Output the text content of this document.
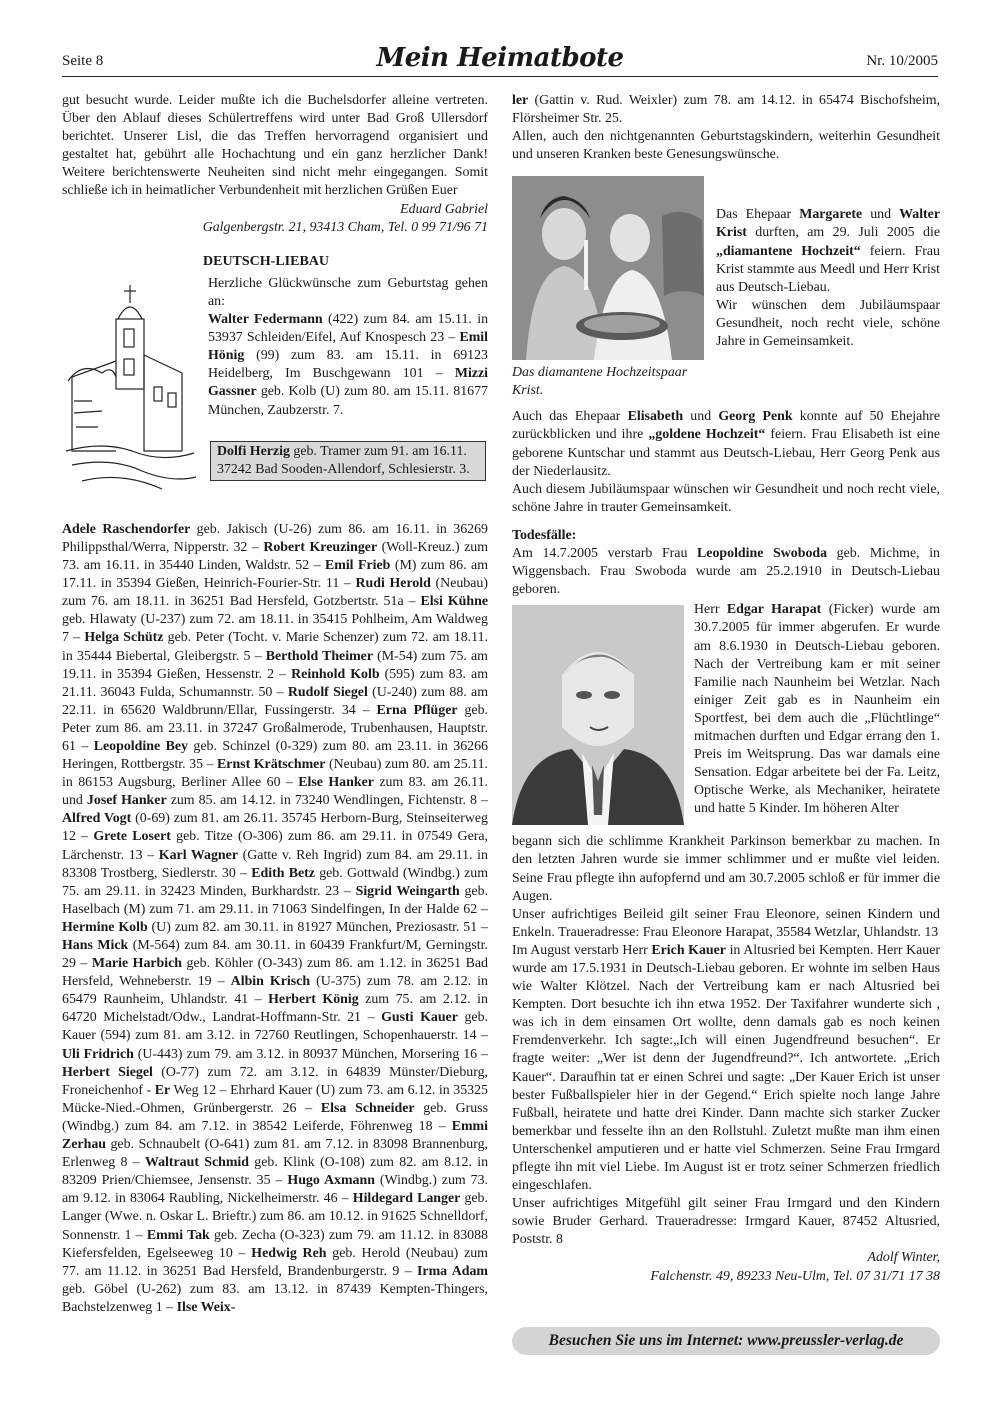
Seite 8	Mein Heimatbote	Nr. 10/2005

gut besucht wurde. Leider mußte ich die Buchelsdorfer alleine vertreten. Über den Ablauf dieses Schülertreffens wird unter Bad Groß Ullersdorf berichtet. Unserer Lisl, die das Treffen hervorragend organisiert und gestaltet hat, gebührt alle Hochachtung und ein ganz herzlicher Dank! Weitere berichtenswerte Neuheiten sind nicht mehr eingegangen. Somit schließe ich in heimatlicher Verbundenheit mit herzlichen Grüßen Euer

Eduard Gabriel

Galgenbergstr. 21, 93413 Cham, Tel. 0 99 71/96 71

DEUTSCH-LIEBAU

Herzliche Glückwünsche zum Geburtstag gehen an:

Walter Federmann (422) zum 84. am 15.11. in 53937 Schleiden/Eifel, Auf Knospesch 23 – Emil Hönig (99) zum 83. am 15.11. in 69123 Heidelberg, Im Buschgewann 101 – Mizzi Gassner geb. Kolb (U) zum 80. am 15.11. 81677 München, Zaubzerstr. 7.

Dolfi Herzig geb. Tramer zum 91. am 16.11. 37242 Bad Sooden-Allendorf, Schlesierstr. 3.

Adele Raschendorfer geb. Jakisch (U-26) zum 86. am 16.11. in 36269 Philippsthal/Werra, Nipperstr. 32 – Robert Kreuzinger (Woll-Kreuz.) zum 73. am 16.11. in 35440 Linden, Waldstr. 52 – Emil Frieb (M) zum 86. am 17.11. in 35394 Gießen, Heinrich-Fourier-Str. 11 – Rudi Herold (Neubau) zum 76. am 18.11. in 36251 Bad Hersfeld, Gotzbertstr. 51a – Elsi Kühne geb. Hlawaty (U-237) zum 72. am 18.11. in 35415 Pohlheim, Am Waldweg 7 – Helga Schütz geb. Peter (Tocht. v. Marie Schenzer) zum 72. am 18.11. in 35444 Biebertal, Gleibergstr. 5 – Berthold Theimer (M-54) zum 75. am 19.11. in 35394 Gießen, Hessenstr. 2 – Reinhold Kolb (595) zum 83. am 21.11. 36043 Fulda, Schumannstr. 50 – Rudolf Siegel (U-240) zum 88. am 22.11. in 65620 Waldbrunn/Ellar, Fussingerstr. 34 – Erna Pflüger geb. Peter zum 86. am 23.11. in 37247 Großalmerode, Trubenhausen, Hauptstr. 61 – Leopoldine Bey geb. Schinzel (0-329) zum 80. am 23.11. in 36266 Heringen, Rottbergstr. 35 – Ernst Krätschmer (Neubau) zum 80. am 25.11. in 86153 Augsburg, Berliner Allee 60 – Else Hanker zum 83. am 26.11. und Josef Hanker zum 85. am 14.12. in 73240 Wendlingen, Fichtenstr. 8 – Alfred Vogt (0-69) zum 81. am 26.11. 35745 Herborn-Burg, Steinseiterweg 12 – Grete Losert geb. Titze (O-306) zum 86. am 29.11. in 07549 Gera, Lärchenstr. 13 – Karl Wagner (Gatte v. Reh Ingrid) zum 84. am 29.11. in 83308 Trostberg, Siedlerstr. 30 – Edith Betz geb. Gottwald (Windbg.) zum 75. am 29.11. in 32423 Minden, Burkhardstr. 23 – Sigrid Weingarth geb. Haselbach (M) zum 71. am 29.11. in 71063 Sindelfingen, In der Halde 62 – Hermine Kolb (U) zum 82. am 30.11. in 81927 München, Preziosastr. 51 – Hans Mick (M-564) zum 84. am 30.11. in 60439 Frankfurt/M, Gerningstr. 29 – Marie Harbich geb. Köhler (O-343) zum 86. am 1.12. in 36251 Bad Hersfeld, Wehneberstr. 19 – Albin Krisch (U-375) zum 78. am 2.12. in 65479 Raunheim, Uhlandstr. 41 – Herbert König zum 75. am 2.12. in 64720 Michelstadt/Odw., Landrat-Hoffmann-Str. 21 – Gusti Kauer geb. Kauer (594) zum 81. am 3.12. in 72760 Reutlingen, Schopenhauerstr. 14 – Uli Fridrich (U-443) zum 79. am 3.12. in 80937 München, Morsering 16 – Herbert Siegel (O-77) zum 72. am 3.12. in 64839 Münster/Dieburg, Froneichenhof - Er Weg 12 – Ehrhard Kauer (U) zum 73. am 6.12. in 35325 Mücke-Nied.-Ohmen, Grünbergerstr. 26 – Elsa Schneider geb. Gruss (Windbg.) zum 84. am 7.12. in 38542 Leiferde, Föhrenweg 18 – Emmi Zerhau geb. Schnaubelt (O-641) zum 81. am 7.12. in 83098 Brannenburg, Erlenweg 8 – Waltraut Schmid geb. Klink (O-108) zum 82. am 8.12. in 83209 Prien/Chiemsee, Jensenstr. 35 – Hugo Axmann (Windbg.) zum 73. am 9.12. in 83064 Raubling, Nickelheimerstr. 46 – Hildegard Langer geb. Langer (Wwe. n. Oskar L. Brieftr.) zum 86. am 10.12. in 91625 Schnelldorf, Sonnenstr. 1 – Emmi Tak geb. Zecha (O-323) zum 79. am 11.12. in 83088 Kiefersfelden, Egelseeweg 10 – Hedwig Reh geb. Herold (Neubau) zum 77. am 11.12. in 36251 Bad Hersfeld, Brandenburgerstr. 9 – Irma Adam geb. Göbel (U-262) zum 83. am 13.12. in 87439 Kempten-Thingers, Bachstelzenweg 1 – Ilse Weix-

ler (Gattin v. Rud. Weixler) zum 78. am 14.12. in 65474 Bischofsheim, Flörsheimer Str. 25.

Allen, auch den nichtgenannten Geburtstagskindern, weiterhin Gesundheit und unseren Kranken beste Genesungswünsche.

Das diamantene Hochzeitspaar Krist.

Das Ehepaar Margarete und Walter Krist durften, am 29. Juli 2005 die „diamantene Hochzeit“ feiern. Frau Krist stammte aus Meedl und Herr Krist aus Deutsch-Liebau.
Wir wünschen dem Jubiläumspaar Gesundheit, noch recht viele, schöne Jahre in Gemeinsamkeit.

Auch das Ehepaar Elisabeth und Georg Penk konnte auf 50 Ehejahre zurückblicken und ihre „goldene Hochzeit“ feiern. Frau Elisabeth ist eine geborene Kuntschar und stammt aus Deutsch-Liebau, Herr Georg Penk aus der Niederlausitz.
Auch diesem Jubiläumspaar wünschen wir Gesundheit und noch recht viele, schöne Jahre in trauter Gemeinsamkeit.

Todesfälle:

Am 14.7.2005 verstarb Frau Leopoldine Swoboda geb. Michme, in Wiggensbach. Frau Swoboda wurde am 25.2.1910 in Deutsch-Liebau geboren.

Herr Edgar Harapat (Ficker) wurde am 30.7.2005 für immer abgerufen. Er wurde am 8.6.1930 in Deutsch-Liebau geboren. Nach der Vertreibung kam er mit seiner Familie nach Naunheim bei Wetzlar. Nach einiger Zeit gab es in Naunheim ein Sportfest, bei dem auch die „Flüchtlinge“ mitmachen durften und Edgar errang den 1. Preis im Weitsprung. Das war damals eine Sensation. Edgar arbeitete bei der Fa. Leitz, Optische Werke, als Mechaniker, heiratete und hatte 5 Kinder. Im höheren Alter

begann sich die schlimme Krankheit Parkinson bemerkbar zu machen. In den letzten Jahren wurde sie immer schlimmer und er mußte viel leiden. Seine Frau pflegte ihn aufopfernd und am 30.7.2005 schloß er für immer die Augen.

Unser aufrichtiges Beileid gilt seiner Frau Eleonore, seinen Kindern und Enkeln. Traueradresse: Frau Eleonore Harapat, 35584 Wetzlar, Uhlandstr. 13

Im August verstarb Herr Erich Kauer in Altusried bei Kempten. Herr Kauer wurde am 17.5.1931 in Deutsch-Liebau geboren. Er wohnte im selben Haus wie Walter Klötzel. Nach der Vertreibung kam er nach Altusried bei Kempten. Dort besuchte ich ihn etwa 1952. Der Taxifahrer wunderte sich , was ich in dem einsamen Ort wollte, denn damals gab es noch keinen Fremdenverkehr. Ich sagte:„Ich will einen Jugendfreund besuchen“. Er fragte weiter: „Wer ist denn der Jugendfreund?“. Ich antwortete. „Erich Kauer“. Daraufhin tat er einen Schrei und sagte: „Der Kauer Erich ist unser bester Fußballspieler hier in der Gegend.“ Erich spielte noch lange Jahre Fußball, heiratete und hatte drei Kinder. Dann machte sich starker Zucker bemerkbar und fesselte ihn an den Rollstuhl. Zuletzt mußte man ihm einen Unterschenkel amputieren und er hatte viel Schmerzen. Seine Frau Irmgard pflegte ihn mit viel Liebe. Im August ist er trotz seiner Schmerzen friedlich eingeschlafen.

Unser aufrichtiges Mitgefühl gilt seiner Frau Irmgard und den Kindern sowie Bruder Gerhard. Traueradresse: Irmgard Kauer, 87452 Altusried, Poststr. 8

Adolf Winter,

Falchenstr. 49, 89233 Neu-Ulm, Tel. 07 31/71 17 38

Besuchen Sie uns im Internet: www.preussler-verlag.de
